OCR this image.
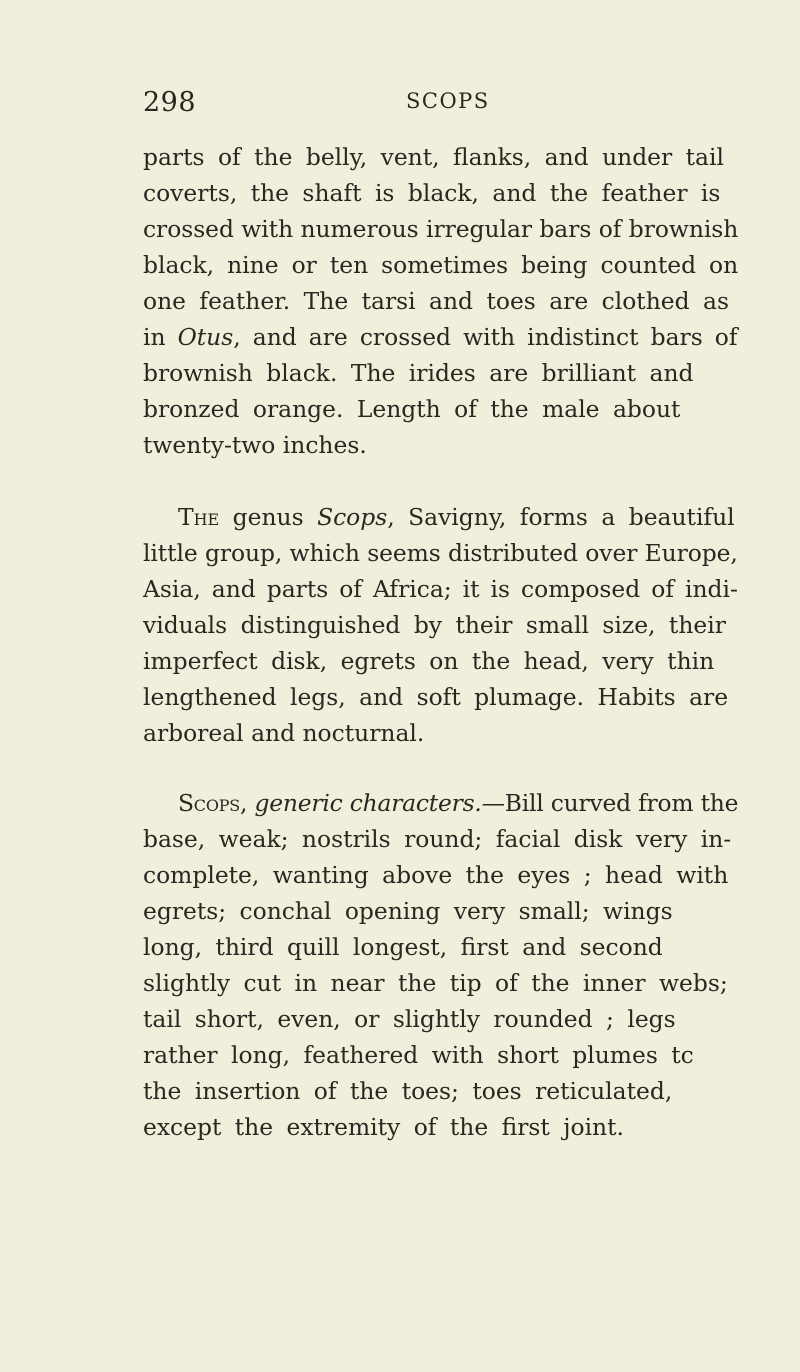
298	SCOPS
parts of the belly, vent, flanks, and under tail
coverts, the shaft is black, and the feather is
crossed with numerous irregular bars of brownish
black, nine or ten sometimes being counted on
one feather. The tarsi and toes are clothed as
in Otus, and are crossed with indistinct bars of
brownish black. The irides are brilliant and
bronzed orange. Length of the male about
twenty-two inches.
The genus Scops, Savigny, forms a beautiful
little group, which seems distributed over Europe,
Asia, and parts of Africa; it is composed of indi-
viduals distinguished by their small size, their
imperfect disk, egrets on the head, very thin
lengthened legs, and soft plumage. Habits are
arboreal and nocturnal.
Scops, generic characters.—Bill curved from the
base, weak; nostrils round; facial disk very in-
complete, wanting above the eyes ; head with
egrets; conchal opening very small; wings
long, third quill longest, first and second
slightly cut in near the tip of the inner webs;
tail short, even, or slightly rounded ; legs
rather long, feathered with short plumes tc
the insertion of the toes; toes reticulated,
except the extremity of the first joint.
